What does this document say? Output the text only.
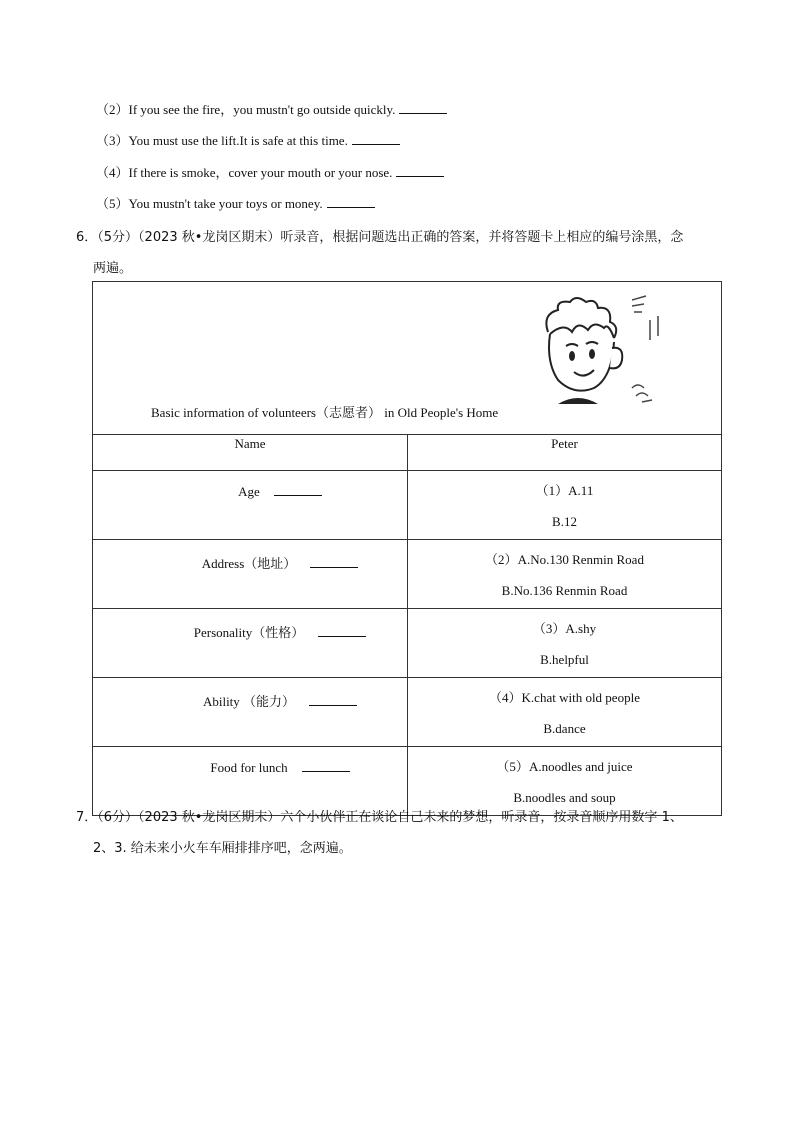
（2）If you see the fire，you mustn't go outside quickly.
（3）You must use the lift.It is safe at this time.
（4）If there is smoke，cover your mouth or your nose.
（5）You mustn't take your toys or money.
6．（5分）（2023 秋•龙岗区期末）听录音，根据问题选出正确的答案，并将答题卡上相应的编号涂黑，念
两遍。
Basic information of volunteers（志愿者） in Old People's Home	

Name	Peter

Age	（1）A.11
B.12

Address（地址）	（2）A.No.130 Renmin Road
B.No.136 Renmin Road

Personality（性格）	（3）A.shy
B.helpful

Ability （能力）	（4）K.chat with old people
B.dance

Food for lunch	（5）A.noodles and juice
B.noodles and soup
7．（6分）（2023 秋•龙岗区期末）六个小伙伴正在谈论自己未来的梦想，听录音，按录音顺序用数字 1、
2、3. 给未来小火车车厢排排序吧，念两遍。
